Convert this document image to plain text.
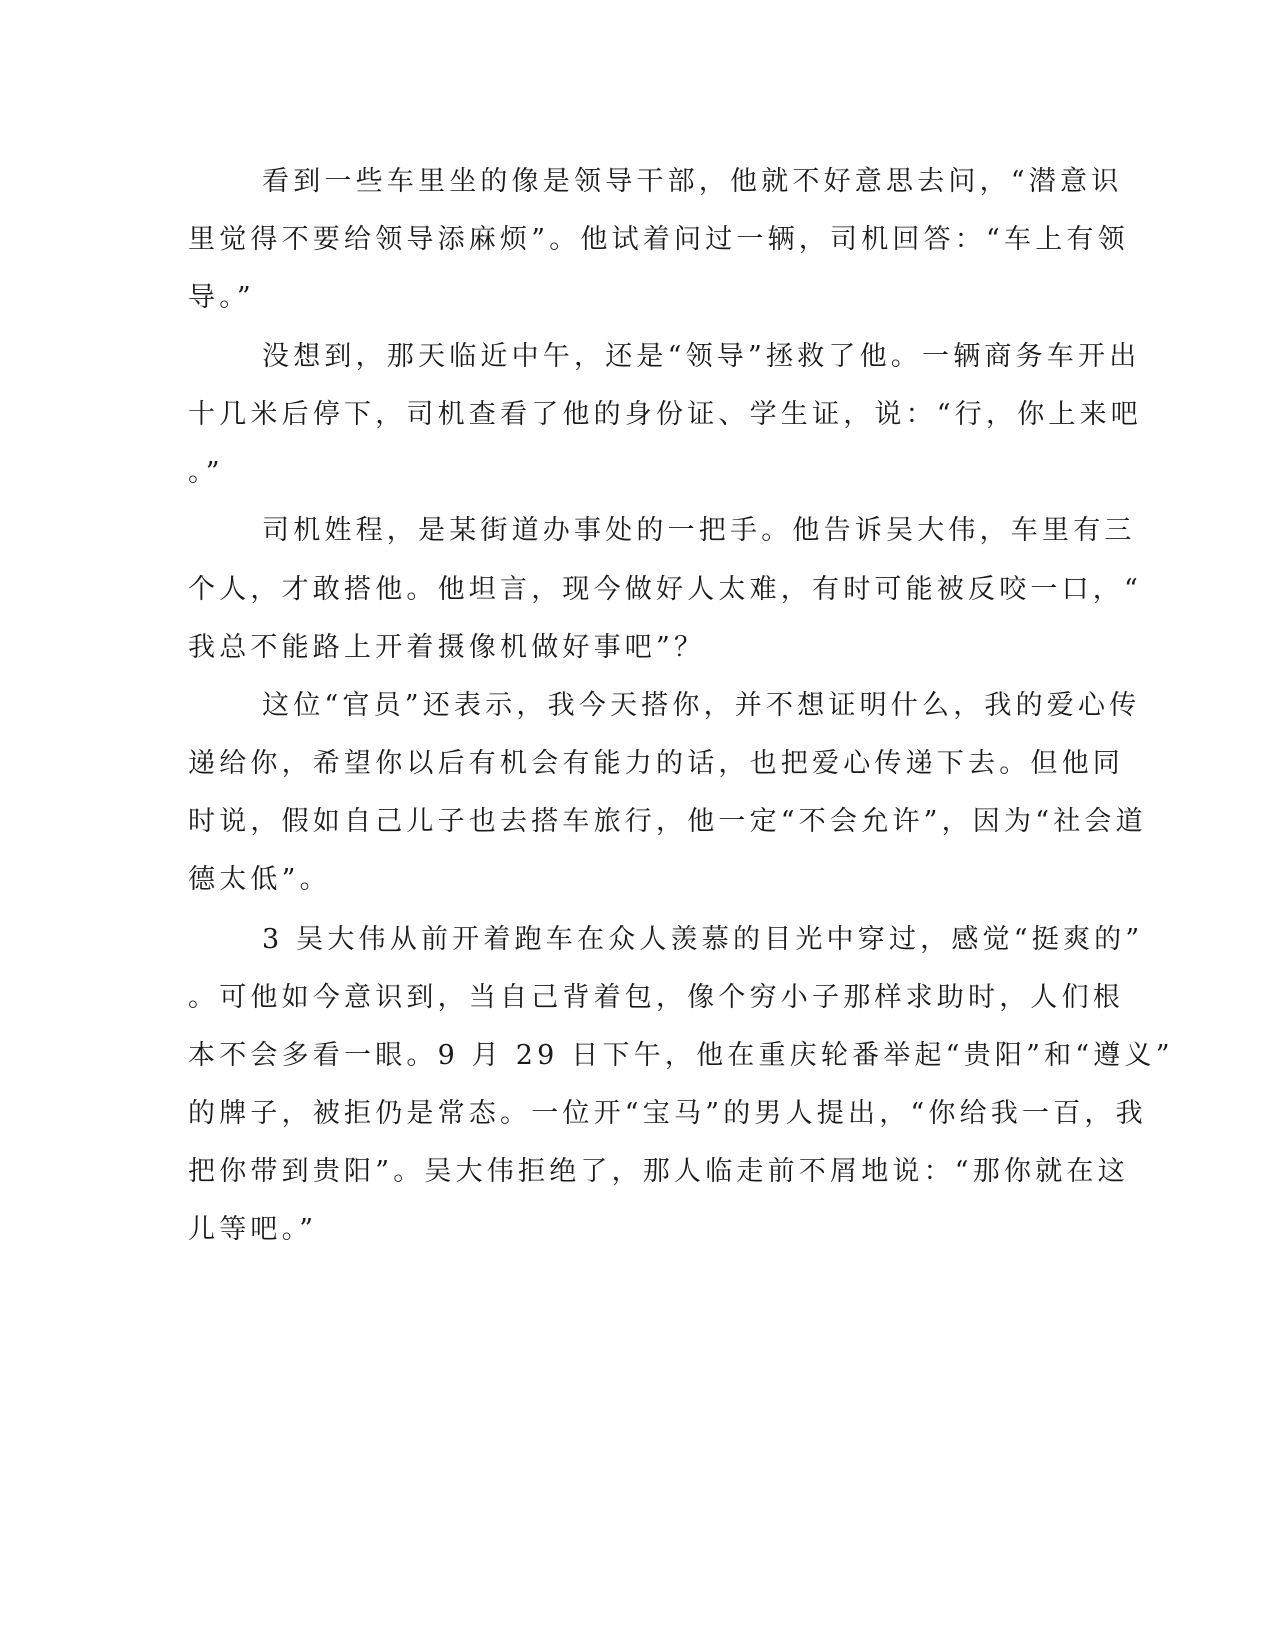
看到一些车里坐的像是领导干部，他就不好意思去问，“潜意识

里觉得不要给领导添麻烦”。他试着问过一辆，司机回答：“车上有领

导。”

没想到，那天临近中午，还是“领导”拯救了他。一辆商务车开出

十几米后停下，司机查看了他的身份证、学生证，说：“行，你上来吧

。”

司机姓程，是某街道办事处的一把手。他告诉吴大伟，车里有三

个人，才敢搭他。他坦言，现今做好人太难，有时可能被反咬一口，“

我总不能路上开着摄像机做好事吧”？

这位“官员”还表示，我今天搭你，并不想证明什么，我的爱心传

递给你，希望你以后有机会有能力的话，也把爱心传递下去。但他同

时说，假如自己儿子也去搭车旅行，他一定“不会允许”，因为“社会道

德太低”。

3 吴大伟从前开着跑车在众人羡慕的目光中穿过，感觉“挺爽的”

。可他如今意识到，当自己背着包，像个穷小子那样求助时，人们根

本不会多看一眼。9 月 29 日下午，他在重庆轮番举起“贵阳”和“遵义”

的牌子，被拒仍是常态。一位开“宝马”的男人提出，“你给我一百，我

把你带到贵阳”。吴大伟拒绝了，那人临走前不屑地说：“那你就在这

儿等吧。”
